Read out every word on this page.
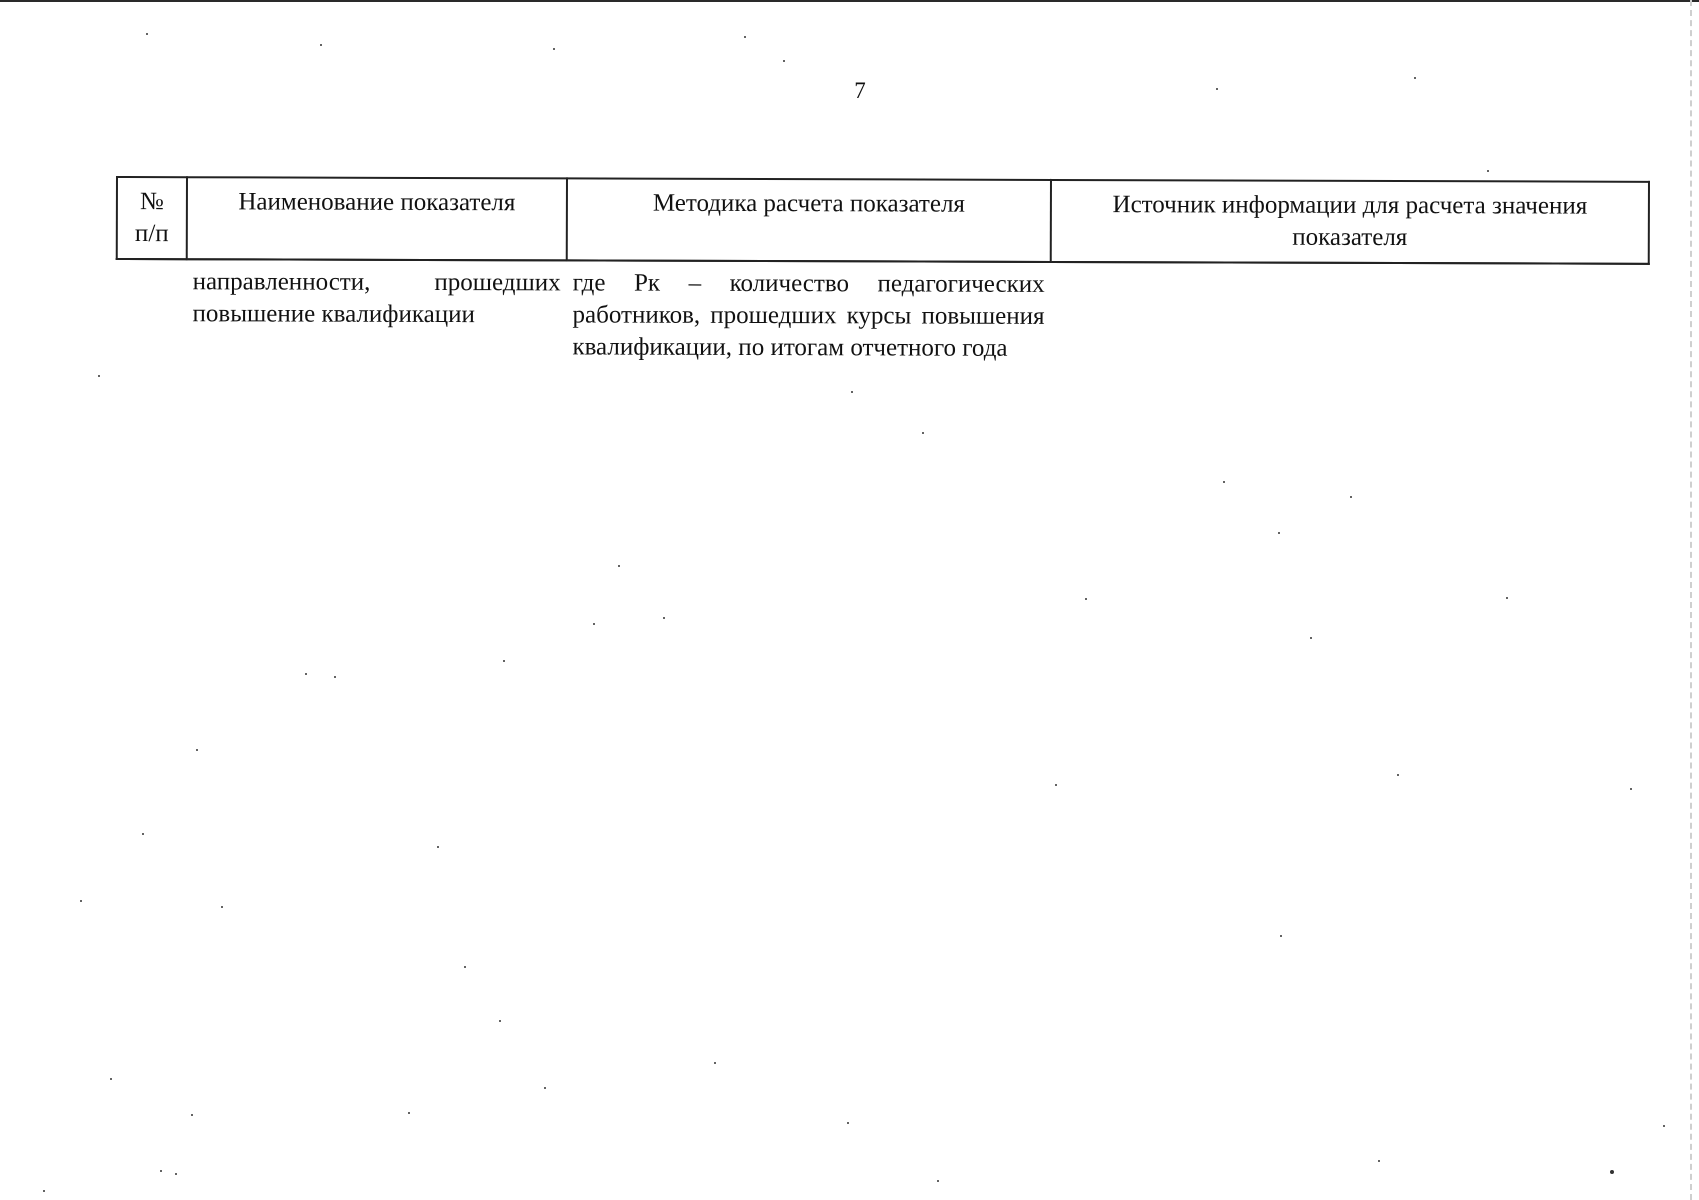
7
№ п/п	Наименование показателя	Методика расчета показателя	Источник информации для расчета значения показателя
	направленности, прошедших повышение квалификации	где Рк – количество педагогических работников, прошедших курсы повышения квалификации, по итогам отчетного года	
